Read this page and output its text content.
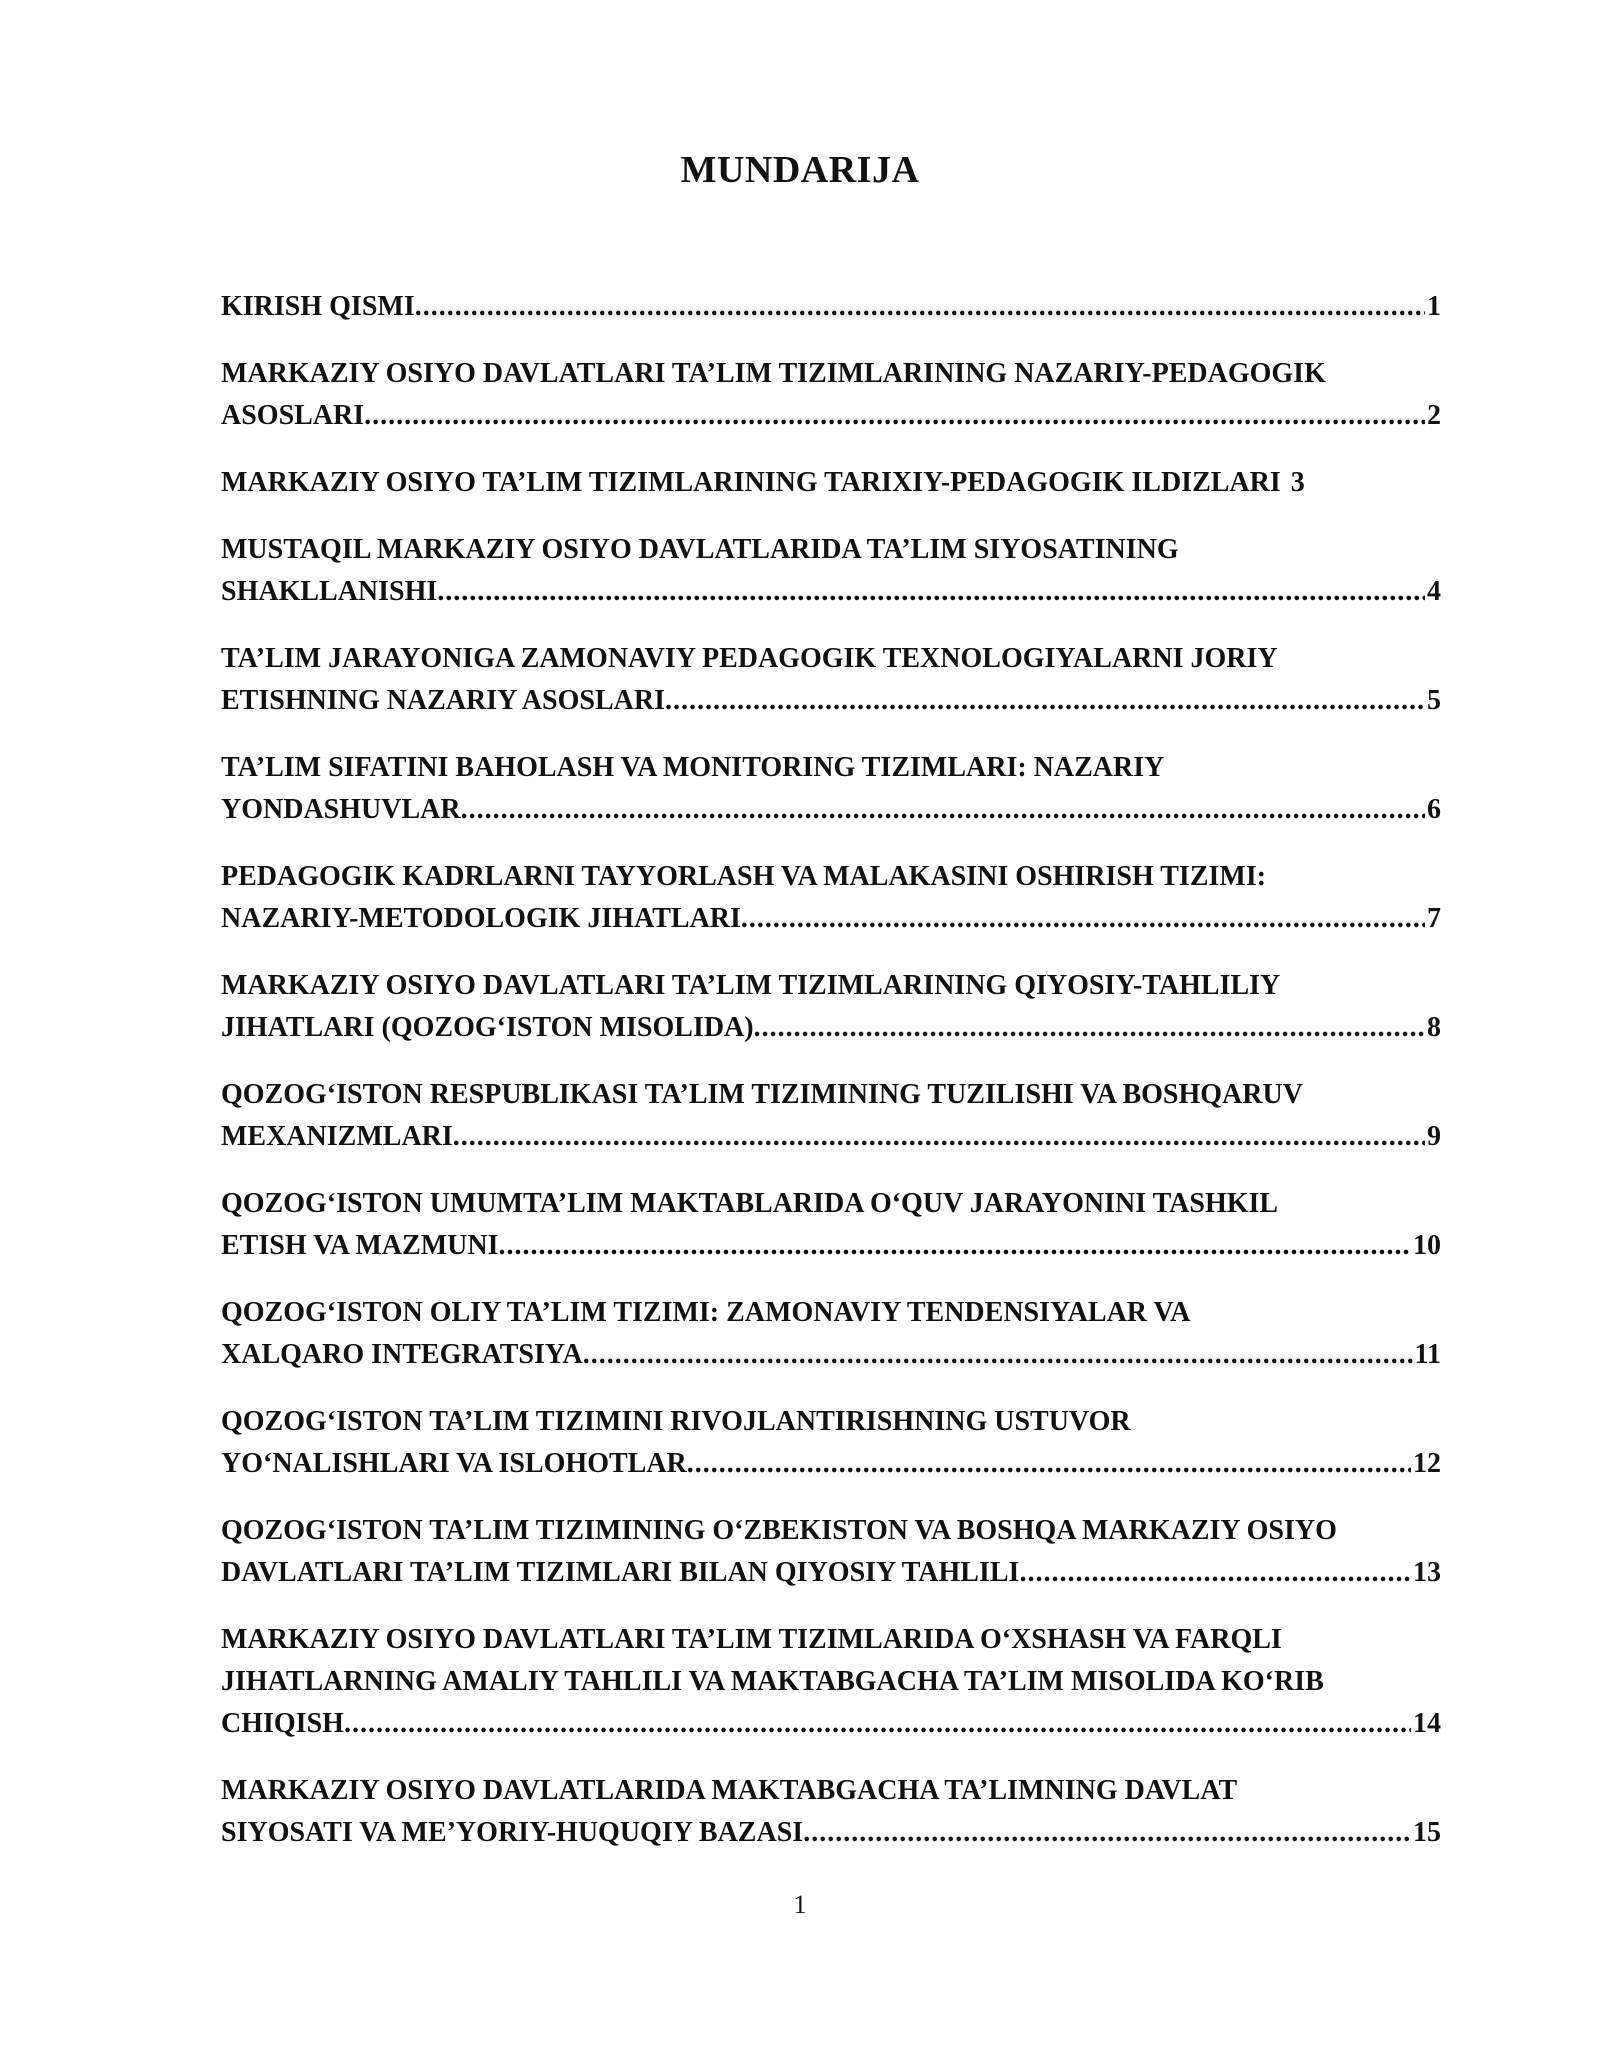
MUNDARIJA
KIRISH QISMI .....	1
MARKAZIY OSIYO DAVLATLARI TA’LIM TIZIMLARINING NAZARIY-PEDAGOGIK
ASOSLARI .....	2
MARKAZIY OSIYO TA’LIM TIZIMLARINING TARIXIY-PEDAGOGIK ILDIZLARI 3
MUSTAQIL MARKAZIY OSIYO DAVLATLARIDA TA’LIM SIYOSATINING
SHAKLLANISHI .....	4
TA’LIM JARAYONIGA ZAMONAVIY PEDAGOGIK TEXNOLOGIYALARNI JORIY
ETISHNING NAZARIY ASOSLARI .....	5
TA’LIM SIFATINI BAHOLASH VA MONITORING TIZIMLARI: NAZARIY
YONDASHUVLAR .....	6
PEDAGOGIK KADRLARNI TAYYORLASH VA MALAKASINI OSHIRISH TIZIMI:
NAZARIY-METODOLOGIK JIHATLARI .....	7
MARKAZIY OSIYO DAVLATLARI TA’LIM TIZIMLARINING QIYOSIY-TAHLILIY
JIHATLARI (QOZOG‘ISTON MISOLIDA) .....	8
QOZOG‘ISTON RESPUBLIKASI TA’LIM TIZIMINING TUZILISHI VA BOSHQARUV
MEXANIZMLARI .....	9
QOZOG‘ISTON UMUMTA’LIM MAKTABLARIDA O‘QUV JARAYONINI TASHKIL
ETISH VA MAZMUNI .....	10
QOZOG‘ISTON OLIY TA’LIM TIZIMI: ZAMONAVIY TENDENSIYALAR VA
XALQARO INTEGRATSIYA .....	11
QOZOG‘ISTON TA’LIM TIZIMINI RIVOJLANTIRISHNING USTUVOR
YO‘NALISHLARI VA ISLOHOTLAR .....	12
QOZOG‘ISTON TA’LIM TIZIMINING O‘ZBEKISTON VA BOSHQA MARKAZIY OSIYO
DAVLATLARI TA’LIM TIZIMLARI BILAN QIYOSIY TAHLILI .....	13
MARKAZIY OSIYO DAVLATLARI TA’LIM TIZIMLARIDA O‘XSHASH VA FARQLI
JIHATLARNING AMALIY TAHLILI VA MAKTABGACHA TA’LIM MISOLIDA KO‘RIB
CHIQISH .....	14
MARKAZIY OSIYO DAVLATLARIDA MAKTABGACHA TA’LIMNING DAVLAT
SIYOSATI VA ME’YORIY-HUQUQIY BAZASI .....	15
1
